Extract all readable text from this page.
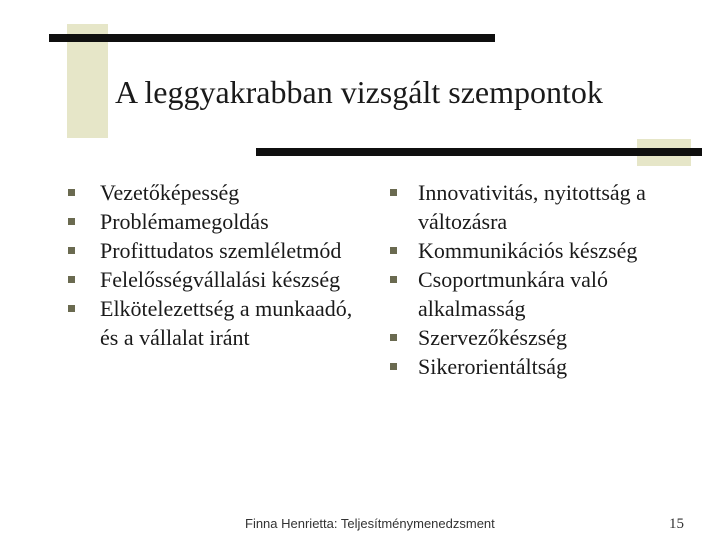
A leggyakrabban vizsgált szempontok
Vezetőképesség
Problémamegoldás
Profittudatos szemléletmód
Felelősségvállalási készség
Elkötelezettség a munkaadó, és a vállalat iránt
Innovativitás, nyitottság a változásra
Kommunikációs készség
Csoportmunkára való alkalmasság
Szervezőkészség
Sikerorientáltság
Finna Henrietta: Teljesítménymenedzsment	15
